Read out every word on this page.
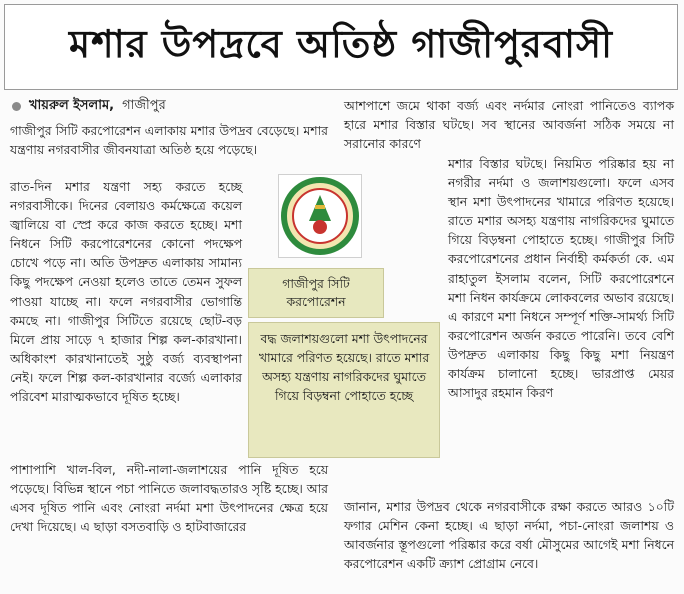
মশার উপদ্রবে অতিষ্ঠ গাজীপুরবাসী
খায়রুল ইসলাম, গাজীপুর

গাজীপুর সিটি করপোরেশন এলাকায় মশার উপদ্রব বেড়েছে। মশার যন্ত্রণায় নগরবাসীর জীবনযাত্রা অতিষ্ঠ হয়ে পড়েছে।

রাত-দিন মশার যন্ত্রণা সহ্য করতে হচ্ছে নগরবাসীকে। দিনের বেলায়ও কর্মক্ষেত্রে কয়েল জ্বালিয়ে বা স্প্রে করে কাজ করতে হচ্ছে। মশা নিধনে সিটি করপোরেশনের কোনো পদক্ষেপ চোখে পড়ে না। অতি উপদ্রুত এলাকায় সামান্য কিছু পদক্ষেপ নেওয়া হলেও তাতে তেমন সুফল পাওয়া যাচ্ছে না। ফলে নগরবাসীর ভোগান্তি কমছে না। গাজীপুর সিটিতে রয়েছে ছোট-বড় মিলে প্রায় সাড়ে ৭ হাজার শিল্প কল-কারখানা। অধিকাংশ কারখানাতেই সুষ্ঠু বর্জ্য ব্যবস্থাপনা নেই। ফলে শিল্প কল-কারখানার বর্জ্যে এলাকার পরিবেশ মারাত্মকভাবে দূষিত হচ্ছে।

পাশাপাশি খাল-বিল, নদী-নালা-জলাশয়ের পানি দূষিত হয়ে পড়েছে। বিভিন্ন স্থানে পচা পানিতে জলাবদ্ধতারও সৃষ্টি হচ্ছে। আর এসব দূষিত পানি এবং নোংরা নর্দমা মশা উৎপাদনের ক্ষেত্র হয়ে দেখা দিয়েছে। এ ছাড়া বসতবাড়ি ও হাটবাজারের

গাজীপুর সিটি
করপোরেশন
বদ্ধ জলাশয়গুলো মশা উৎপাদনের খামারে পরিণত হয়েছে। রাতে মশার অসহ্য যন্ত্রণায় নাগরিকদের ঘুমাতে গিয়ে বিড়ম্বনা পোহাতে হচ্ছে

আশপাশে জমে থাকা বর্জ্য এবং নর্দমার নোংরা পানিতেও ব্যাপক হারে মশার বিস্তার ঘটছে। সব স্থানের আবর্জনা সঠিক সময়ে না সরানোর কারণে

মশার বিস্তার ঘটছে। নিয়মিত পরিষ্কার হয় না নগরীর নর্দমা ও জলাশয়গুলো। ফলে এসব স্থান মশা উৎপাদনের খামারে পরিণত হয়েছে। রাতে মশার অসহ্য যন্ত্রণায় নাগরিকদের ঘুমাতে গিয়ে বিড়ম্বনা পোহাতে হচ্ছে। গাজীপুর সিটি করপোরেশনের প্রধান নির্বাহী কর্মকর্তা কে. এম রাহাতুল ইসলাম বলেন, সিটি করপোরেশনে মশা নিধন কার্যক্রমে লোকবলের অভাব রয়েছে। এ কারণে মশা নিধনে সম্পূর্ণ শক্তি-সামর্থ্য সিটি করপোরেশন অর্জন করতে পারেনি। তবে বেশি উপদ্রুত এলাকায় কিছু কিছু মশা নিয়ন্ত্রণ কার্যক্রম চালানো হচ্ছে। ভারপ্রাপ্ত মেয়র আসাদুর রহমান কিরণ

জানান, মশার উপদ্রব থেকে নগরবাসীকে রক্ষা করতে আরও ১০টি ফগার মেশিন কেনা হচ্ছে। এ ছাড়া নর্দমা, পচা-নোংরা জলাশয় ও আবর্জনার স্তূপগুলো পরিষ্কার করে বর্ষা মৌসুমের আগেই মশা নিধনে করপোরেশন একটি ক্র্যাশ প্রোগ্রাম নেবে।
